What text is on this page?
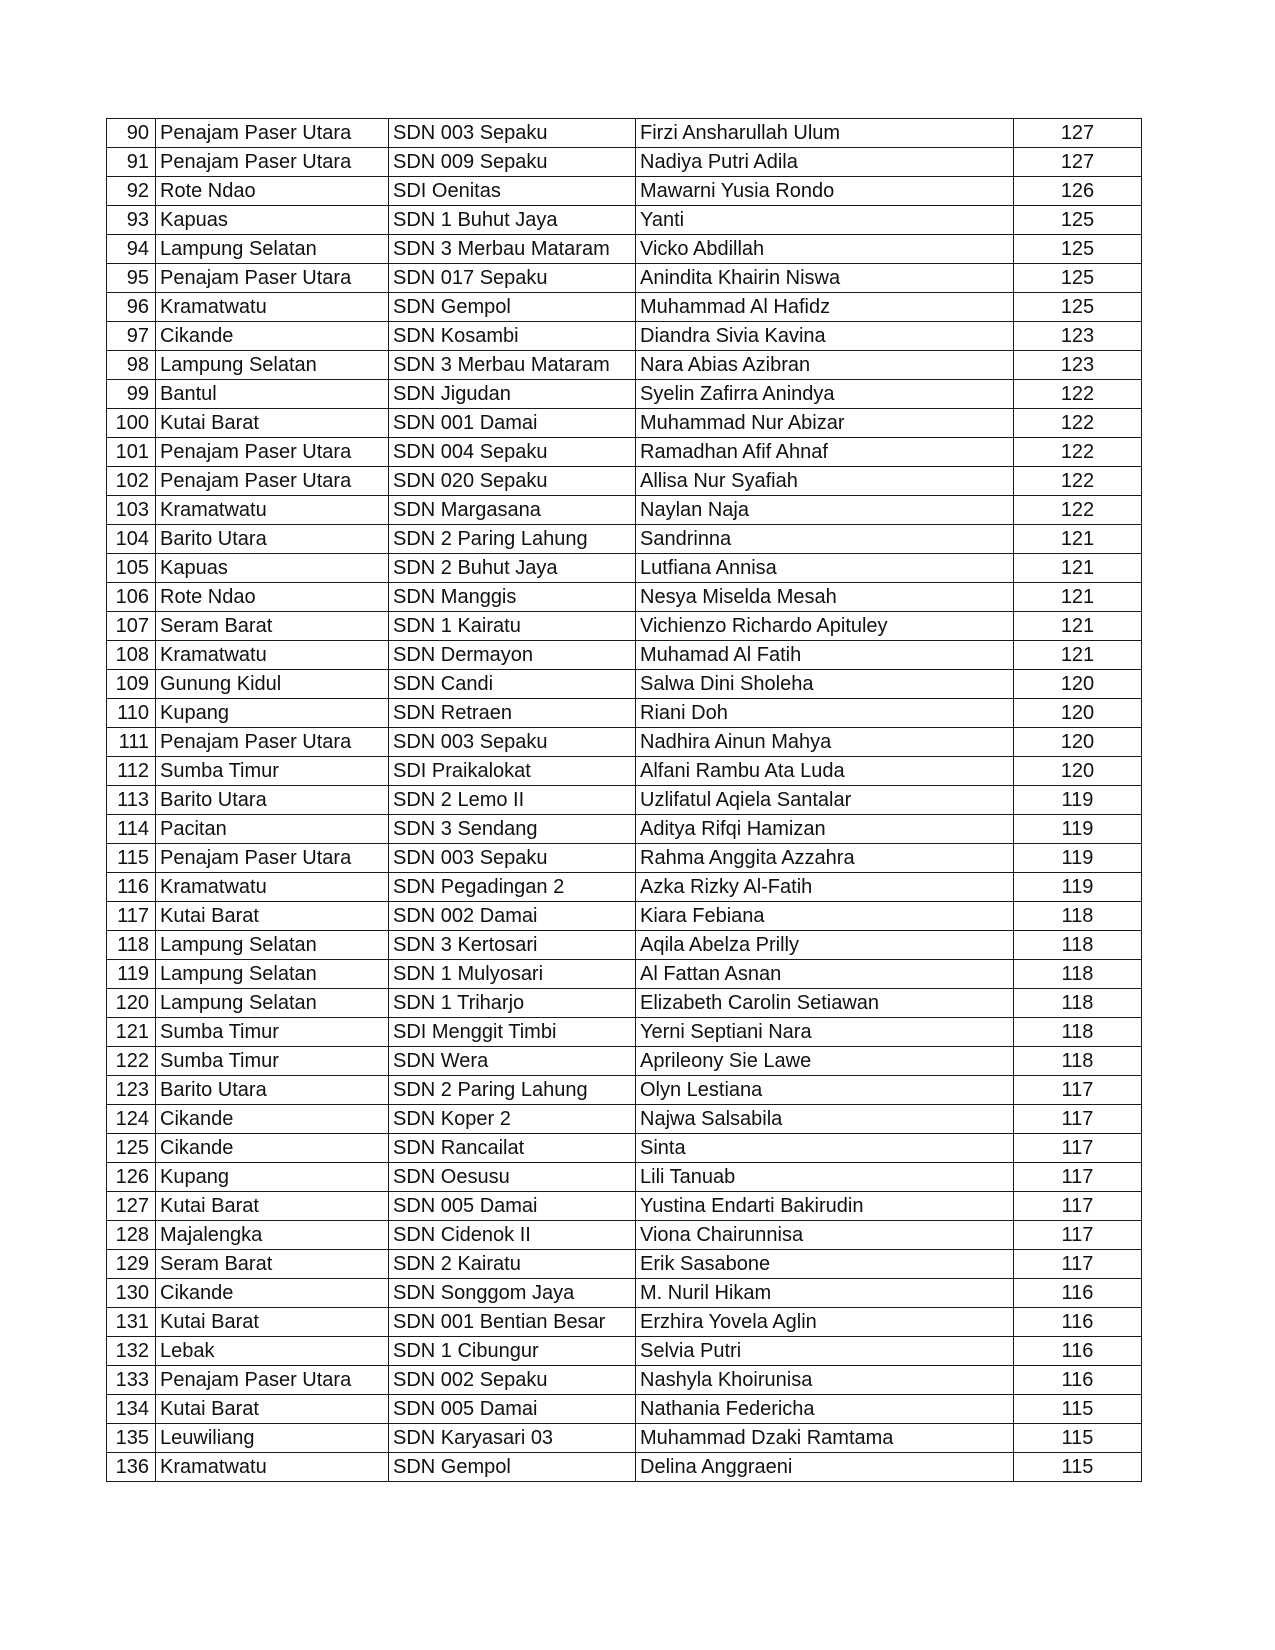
90	Penajam Paser Utara	SDN 003 Sepaku	Firzi Ansharullah Ulum	127
91	Penajam Paser Utara	SDN 009 Sepaku	Nadiya Putri Adila	127
92	Rote Ndao	SDI Oenitas	Mawarni Yusia Rondo	126
93	Kapuas	SDN 1 Buhut Jaya	Yanti	125
94	Lampung Selatan	SDN 3 Merbau Mataram	Vicko Abdillah	125
95	Penajam Paser Utara	SDN 017 Sepaku	Anindita Khairin Niswa	125
96	Kramatwatu	SDN Gempol	Muhammad Al Hafidz	125
97	Cikande	SDN Kosambi	Diandra Sivia Kavina	123
98	Lampung Selatan	SDN 3 Merbau Mataram	Nara Abias Azibran	123
99	Bantul	SDN Jigudan	Syelin Zafirra Anindya	122
100	Kutai Barat	SDN 001 Damai	Muhammad Nur Abizar	122
101	Penajam Paser Utara	SDN 004 Sepaku	Ramadhan Afif Ahnaf	122
102	Penajam Paser Utara	SDN 020 Sepaku	Allisa Nur Syafiah	122
103	Kramatwatu	SDN Margasana	Naylan Naja	122
104	Barito Utara	SDN 2 Paring Lahung	Sandrinna	121
105	Kapuas	SDN 2 Buhut Jaya	Lutfiana Annisa	121
106	Rote Ndao	SDN Manggis	Nesya Miselda Mesah	121
107	Seram Barat	SDN 1 Kairatu	Vichienzo Richardo Apituley	121
108	Kramatwatu	SDN Dermayon	Muhamad Al Fatih	121
109	Gunung Kidul	SDN Candi	Salwa Dini Sholeha	120
110	Kupang	SDN Retraen	Riani Doh	120
111	Penajam Paser Utara	SDN 003 Sepaku	Nadhira Ainun Mahya	120
112	Sumba Timur	SDI Praikalokat	Alfani Rambu Ata Luda	120
113	Barito Utara	SDN 2 Lemo II	Uzlifatul Aqiela Santalar	119
114	Pacitan	SDN 3 Sendang	Aditya Rifqi Hamizan	119
115	Penajam Paser Utara	SDN 003 Sepaku	Rahma Anggita Azzahra	119
116	Kramatwatu	SDN Pegadingan 2	Azka Rizky Al-Fatih	119
117	Kutai Barat	SDN 002 Damai	Kiara Febiana	118
118	Lampung Selatan	SDN 3 Kertosari	Aqila Abelza Prilly	118
119	Lampung Selatan	SDN 1 Mulyosari	Al Fattan Asnan	118
120	Lampung Selatan	SDN 1 Triharjo	Elizabeth Carolin Setiawan	118
121	Sumba Timur	SDI Menggit Timbi	Yerni Septiani Nara	118
122	Sumba Timur	SDN Wera	Aprileony Sie Lawe	118
123	Barito Utara	SDN 2 Paring Lahung	Olyn Lestiana	117
124	Cikande	SDN Koper 2	Najwa Salsabila	117
125	Cikande	SDN Rancailat	Sinta	117
126	Kupang	SDN Oesusu	Lili Tanuab	117
127	Kutai Barat	SDN 005 Damai	Yustina Endarti Bakirudin	117
128	Majalengka	SDN Cidenok II	Viona Chairunnisa	117
129	Seram Barat	SDN 2 Kairatu	Erik Sasabone	117
130	Cikande	SDN Songgom Jaya	M. Nuril Hikam	116
131	Kutai Barat	SDN 001 Bentian Besar	Erzhira Yovela Aglin	116
132	Lebak	SDN 1 Cibungur	Selvia Putri	116
133	Penajam Paser Utara	SDN 002 Sepaku	Nashyla Khoirunisa	116
134	Kutai Barat	SDN 005 Damai	Nathania Federicha	115
135	Leuwiliang	SDN Karyasari 03	Muhammad Dzaki Ramtama	115
136	Kramatwatu	SDN Gempol	Delina Anggraeni	115
